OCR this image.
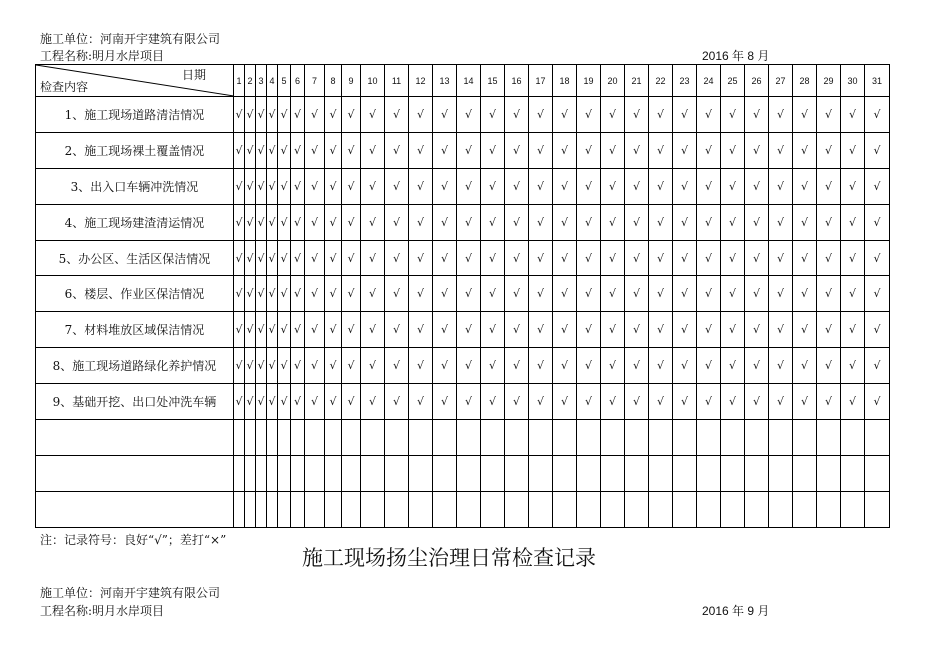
施工单位：河南开宇建筑有限公司
工程名称:明月水岸项目	2016 年 8 月
日期
检查内容	1	2	3	4	5	6	7	8	9	10	11	12	13	14	15	16	17	18	19	20	21	22	23	24	25	26	27	28	29	30	31
1、施工现场道路清洁情况	√	√	√	√	√	√	√	√	√	√	√	√	√	√	√	√	√	√	√	√	√	√	√	√	√	√	√	√	√	√	√
2、施工现场裸土覆盖情况	√	√	√	√	√	√	√	√	√	√	√	√	√	√	√	√	√	√	√	√	√	√	√	√	√	√	√	√	√	√	√
3、出入口车辆冲洗情况	√	√	√	√	√	√	√	√	√	√	√	√	√	√	√	√	√	√	√	√	√	√	√	√	√	√	√	√	√	√	√
4、施工现场建渣清运情况	√	√	√	√	√	√	√	√	√	√	√	√	√	√	√	√	√	√	√	√	√	√	√	√	√	√	√	√	√	√	√
5、办公区、生活区保洁情况	√	√	√	√	√	√	√	√	√	√	√	√	√	√	√	√	√	√	√	√	√	√	√	√	√	√	√	√	√	√	√
6、楼层、作业区保洁情况	√	√	√	√	√	√	√	√	√	√	√	√	√	√	√	√	√	√	√	√	√	√	√	√	√	√	√	√	√	√	√
7、材料堆放区域保洁情况	√	√	√	√	√	√	√	√	√	√	√	√	√	√	√	√	√	√	√	√	√	√	√	√	√	√	√	√	√	√	√
8、施工现场道路绿化养护情况	√	√	√	√	√	√	√	√	√	√	√	√	√	√	√	√	√	√	√	√	√	√	√	√	√	√	√	√	√	√	√
9、基础开挖、出口处冲洗车辆	√	√	√	√	√	√	√	√	√	√	√	√	√	√	√	√	√	√	√	√	√	√	√	√	√	√	√	√	√	√	√

注：记录符号：良好“√”；差打“×”
施工现场扬尘治理日常检查记录
施工单位：河南开宇建筑有限公司
工程名称:明月水岸项目	2016 年 9 月
